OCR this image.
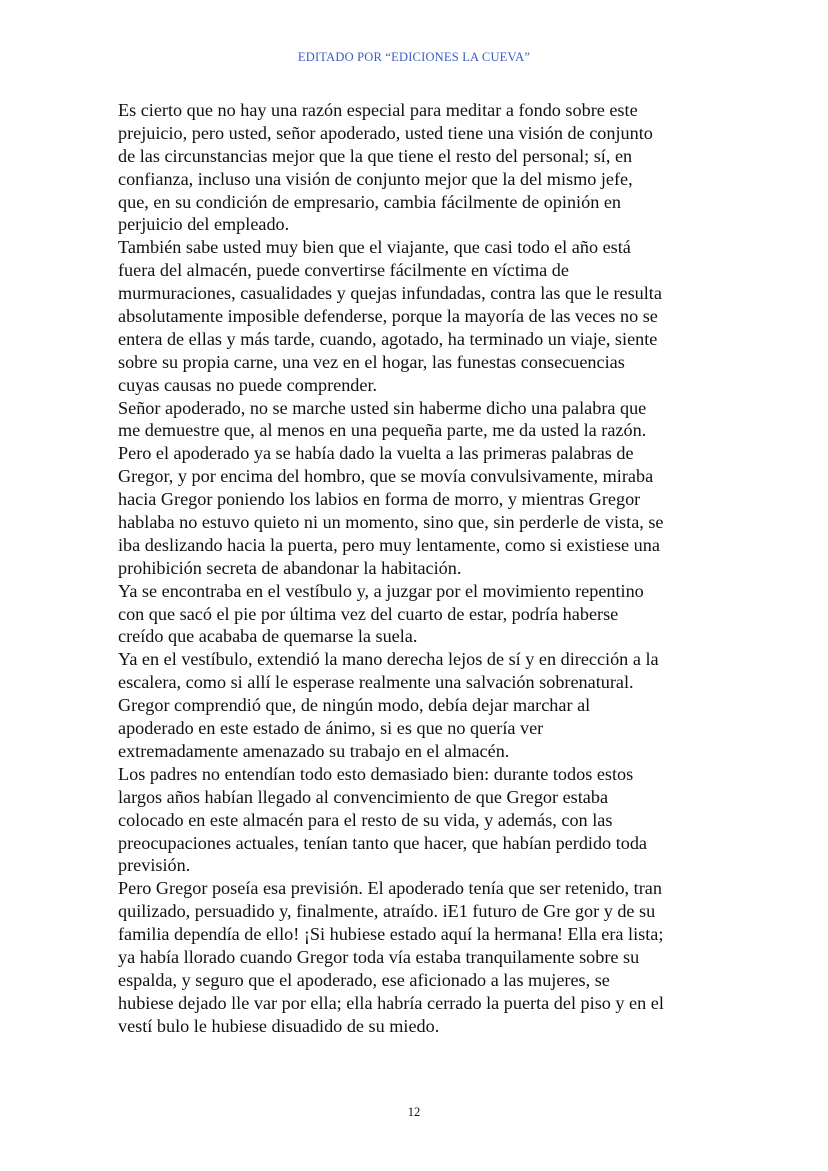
EDITADO POR “EDICIONES LA CUEVA”
Es cierto que no hay una razón especial para meditar a fondo sobre este
prejuicio, pero usted, señor apoderado, usted tiene una visión de conjunto
de las circunstancias mejor que la que tiene el resto del personal; sí, en
confianza, incluso una visión de conjunto mejor que la del mismo jefe,
que, en su condición de empresario, cambia fácilmente de opinión en
perjuicio del empleado.
También sabe usted muy bien que el viajante, que casi todo el año está
fuera del almacén, puede convertirse fácilmente en víctima de
murmuraciones, casualidades y quejas infundadas, contra las que le resulta
absolutamente imposible defenderse, porque la mayoría de las veces no se
entera de ellas y más tarde, cuando, agotado, ha terminado un viaje, siente
sobre su propia carne, una vez en el hogar, las funestas consecuencias
cuyas causas no puede comprender.
Señor apoderado, no se marche usted sin haberme dicho una palabra que
me demuestre que, al menos en una pequeña parte, me da usted la razón.
Pero el apoderado ya se había dado la vuelta a las primeras palabras de
Gregor, y por encima del hombro, que se movía convulsivamente, miraba
hacia Gregor poniendo los labios en forma de morro, y mientras Gregor
hablaba no estuvo quieto ni un momento, sino que, sin perderle de vista, se
iba deslizando hacia la puerta, pero muy lentamente, como si existiese una
prohibición secreta de abandonar la habitación.
Ya se encontraba en el vestíbulo y, a juzgar por el movimiento repentino
con que sacó el pie por última vez del cuarto de estar, podría haberse
creído que acababa de quemarse la suela.
Ya en el vestíbulo, extendió la mano derecha lejos de sí y en dirección a la
escalera, como si allí le esperase realmente una salvación sobrenatural.
Gregor comprendió que, de ningún modo, debía dejar marchar al
apoderado en este estado de ánimo, si es que no quería ver
extremadamente amenazado su trabajo en el almacén.
Los padres no entendían todo esto demasiado bien: durante todos estos
largos años habían llegado al convencimiento de que Gregor estaba
colocado en este almacén para el resto de su vida, y además, con las
preocupaciones actuales, tenían tanto que hacer, que habían perdido toda
previsión.
Pero Gregor poseía esa previsión. El apoderado tenía que ser retenido, tran
quilizado, persuadido y, finalmente, atraído. iE1 futuro de Gre gor y de su
familia dependía de ello! ¡Si hubiese estado aquí la hermana! Ella era lista;
ya había llorado cuando Gregor toda vía estaba tranquilamente sobre su
espalda, y seguro que el apoderado, ese aficionado a las mujeres, se
hubiese dejado lle var por ella; ella habría cerrado la puerta del piso y en el
vestí bulo le hubiese disuadido de su miedo.
12
